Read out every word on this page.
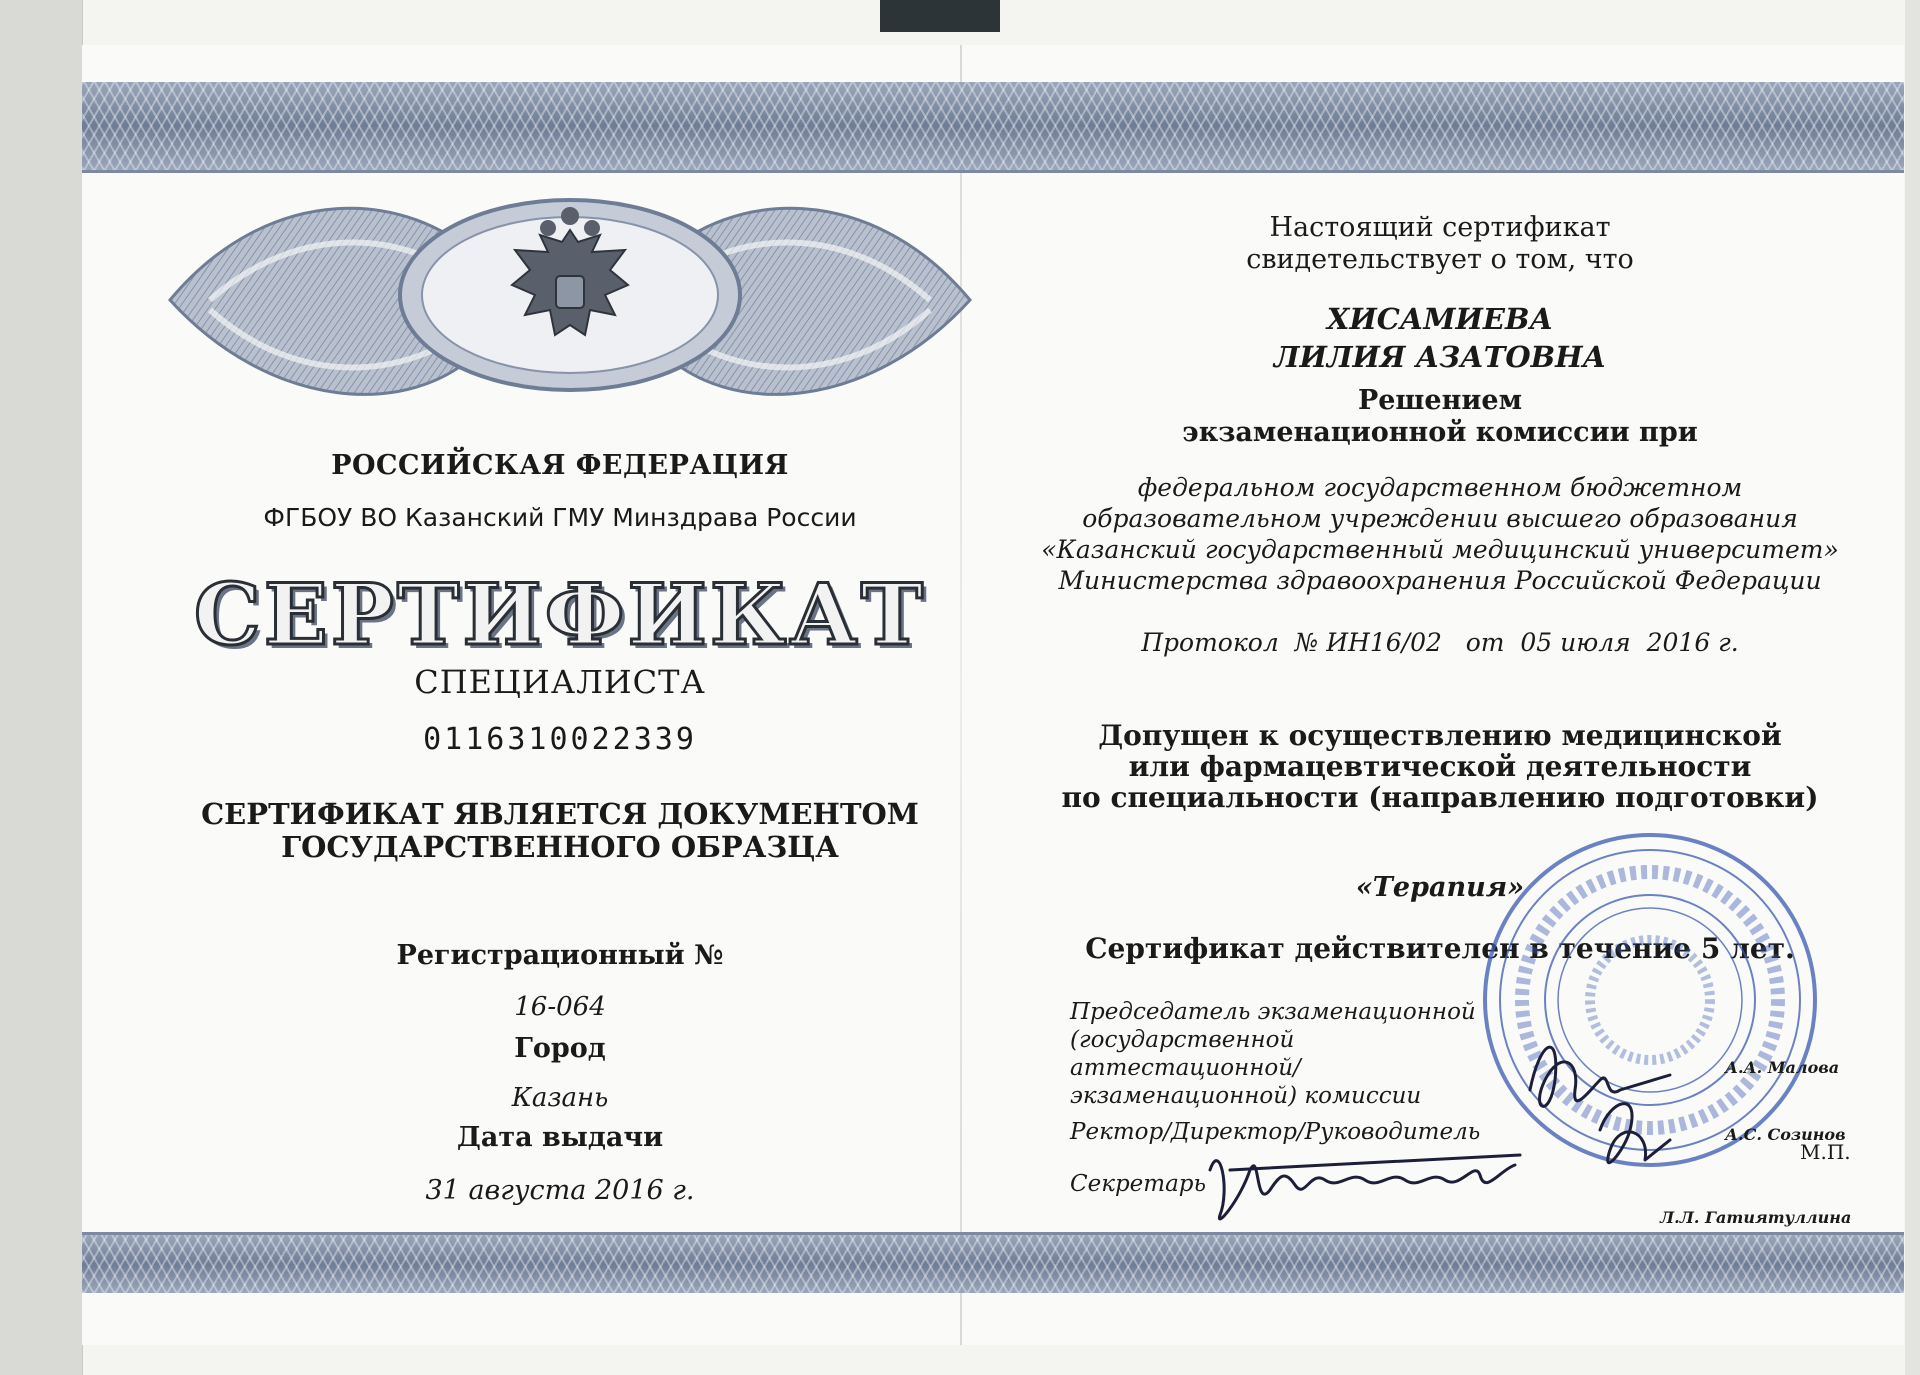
РОССИЙСКАЯ ФЕДЕРАЦИЯ
ФГБОУ ВО Казанский ГМУ Минздрава России
СЕРТИФИКАТ
СПЕЦИАЛИСТА
0116310022339
СЕРТИФИКАТ ЯВЛЯЕТСЯ ДОКУМЕНТОМ
ГОСУДАРСТВЕННОГО ОБРАЗЦА
Регистрационный №
16-064
Город
Казань
Дата выдачи
31 августа 2016 г.
Настоящий сертификат
свидетельствует о том, что
ХИСАМИЕВА
ЛИЛИЯ АЗАТОВНА
Решением
экзаменационной комиссии при
федеральном государственном бюджетном
образовательном учреждении высшего образования
«Казанский государственный медицинский университет»
Министерства здравоохранения Российской Федерации
Протокол  № ИН16/02   от  05 июля  2016 г.
Допущен к осуществлению медицинской
или фармацевтической деятельности
по специальности (направлению подготовки)
«Терапия»
Сертификат действителен в течение 5 лет.
Председатель экзаменационной
(государственной аттестационной/
экзаменационной) комиссии
А.А. Малова
Ректор/Директор/Руководитель	А.С. Созинов
М.П.
Секретарь
Л.Л. Гатиятуллина
